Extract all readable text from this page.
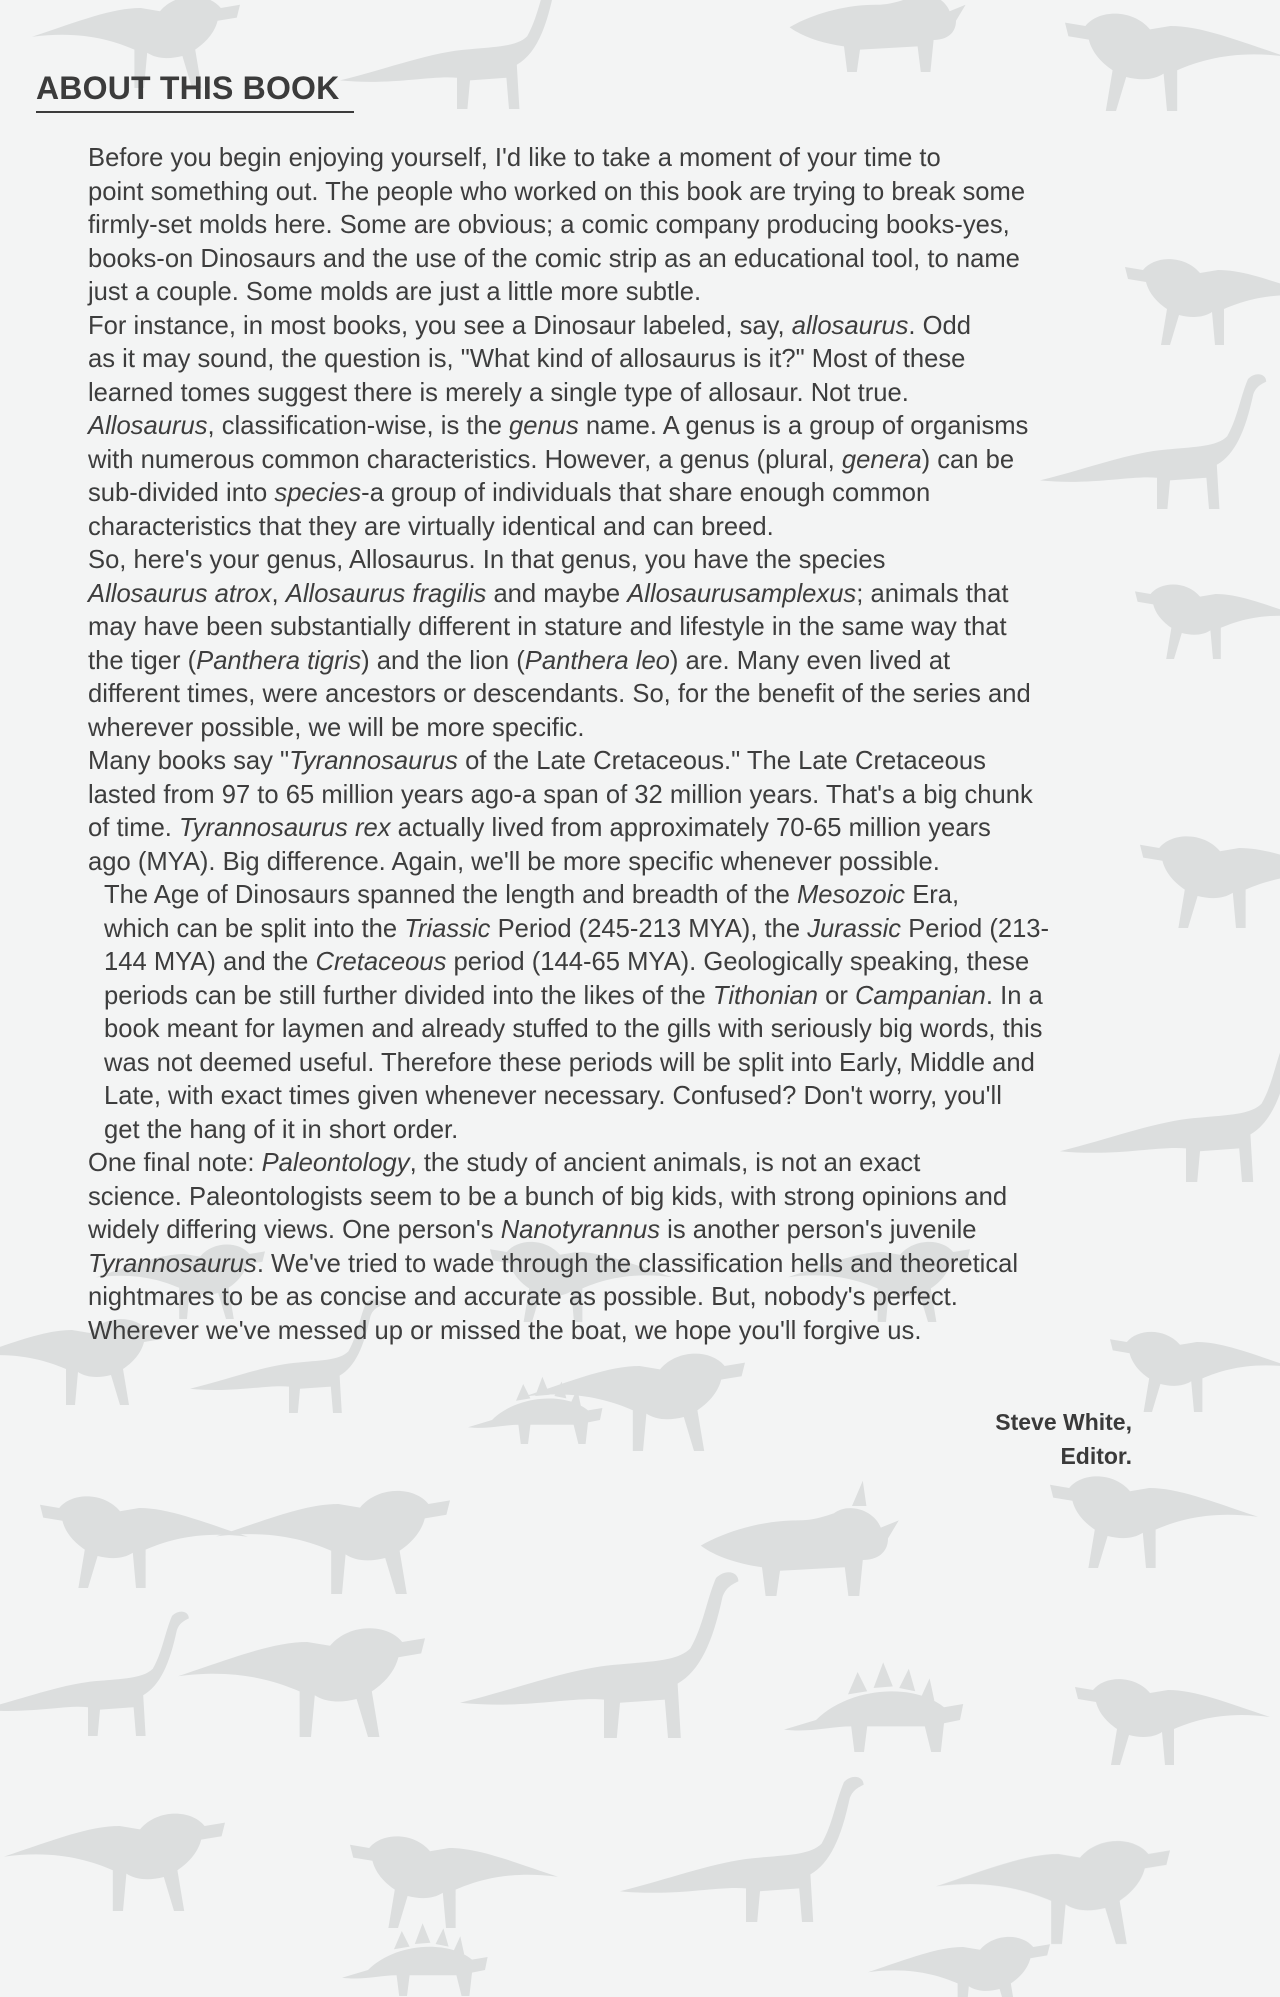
ABOUT THIS BOOK

Before you begin enjoying yourself, I'd like to take a moment of your time to
point something out. The people who worked on this book are trying to break some
firmly-set molds here. Some are obvious; a comic company producing books-yes,
books-on Dinosaurs and the use of the comic strip as an educational tool, to name
just a couple. Some molds are just a little more subtle.

For instance, in most books, you see a Dinosaur labeled, say, allosaurus. Odd
as it may sound, the question is, "What kind of allosaurus is it?" Most of these
learned tomes suggest there is merely a single type of allosaur. Not true.
Allosaurus, classification-wise, is the genus name. A genus is a group of organisms
with numerous common characteristics. However, a genus (plural, genera) can be
sub-divided into species-a group of individuals that share enough common
characteristics that they are virtually identical and can breed.

So, here's your genus, Allosaurus. In that genus, you have the species
Allosaurus atrox, Allosaurus fragilis and maybe Allosaurusamplexus; animals that
may have been substantially different in stature and lifestyle in the same way that
the tiger (Panthera tigris) and the lion (Panthera leo) are. Many even lived at
different times, were ancestors or descendants. So, for the benefit of the series and
wherever possible, we will be more specific.

Many books say "Tyrannosaurus of the Late Cretaceous." The Late Cretaceous
lasted from 97 to 65 million years ago-a span of 32 million years. That's a big chunk
of time. Tyrannosaurus rex actually lived from approximately 70-65 million years
ago (MYA). Big difference. Again, we'll be more specific whenever possible.

The Age of Dinosaurs spanned the length and breadth of the Mesozoic Era,
which can be split into the Triassic Period (245-213 MYA), the Jurassic Period (213-
144 MYA) and the Cretaceous period (144-65 MYA). Geologically speaking, these
periods can be still further divided into the likes of the Tithonian or Campanian. In a
book meant for laymen and already stuffed to the gills with seriously big words, this
was not deemed useful. Therefore these periods will be split into Early, Middle and
Late, with exact times given whenever necessary. Confused? Don't worry, you'll
get the hang of it in short order.

One final note: Paleontology, the study of ancient animals, is not an exact
science. Paleontologists seem to be a bunch of big kids, with strong opinions and
widely differing views. One person's Nanotyrannus is another person's juvenile
Tyrannosaurus. We've tried to wade through the classification hells and theoretical
nightmares to be as concise and accurate as possible. But, nobody's perfect.
Wherever we've messed up or missed the boat, we hope you'll forgive us.

Steve White,
Editor.
